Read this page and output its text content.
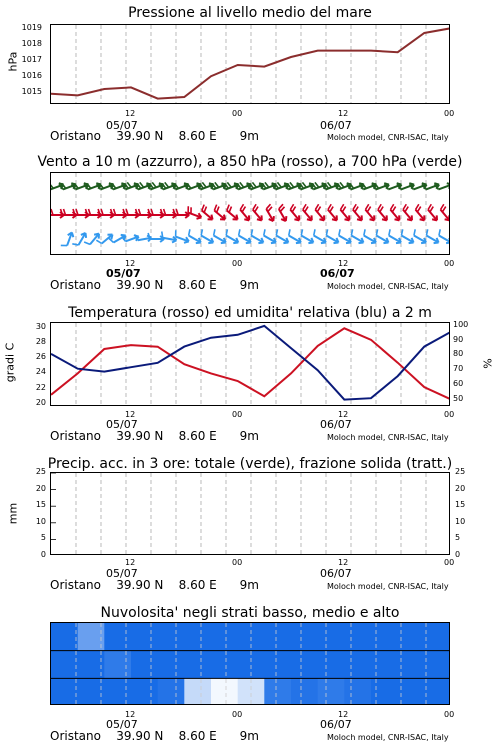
Pressione al livello medio del mare
hPa
1019
1018
1017
1016
1015
12	00	12	00
05/07	06/07
Oristano    39.90 N    8.60 E      9m	Moloch model, CNR-ISAC, Italy
Vento a 10 m (azzurro), a 850 hPa (rosso), a 700 hPa (verde)
12	00	12	00
05/07	06/07
Oristano    39.90 N    8.60 E      9m	Moloch model, CNR-ISAC, Italy
Temperatura (rosso) ed umidita' relativa (blu) a 2 m
gradi C	%
20
22
24
26
28
30
50
60
70
80
90
100
12	00	12	00
05/07	06/07
Oristano    39.90 N    8.60 E      9m	Moloch model, CNR-ISAC, Italy
Precip. acc. in 3 ore: totale (verde), frazione solida (tratt.)
mm
0	0
5	5
10	10
15	15
20	20
25	25
12	00	12	00
05/07	06/07
Oristano    39.90 N    8.60 E      9m	Moloch model, CNR-ISAC, Italy
Nuvolosita' negli strati basso, medio e alto
12	00	12	00
05/07	06/07
Oristano    39.90 N    8.60 E      9m	Moloch model, CNR-ISAC, Italy
